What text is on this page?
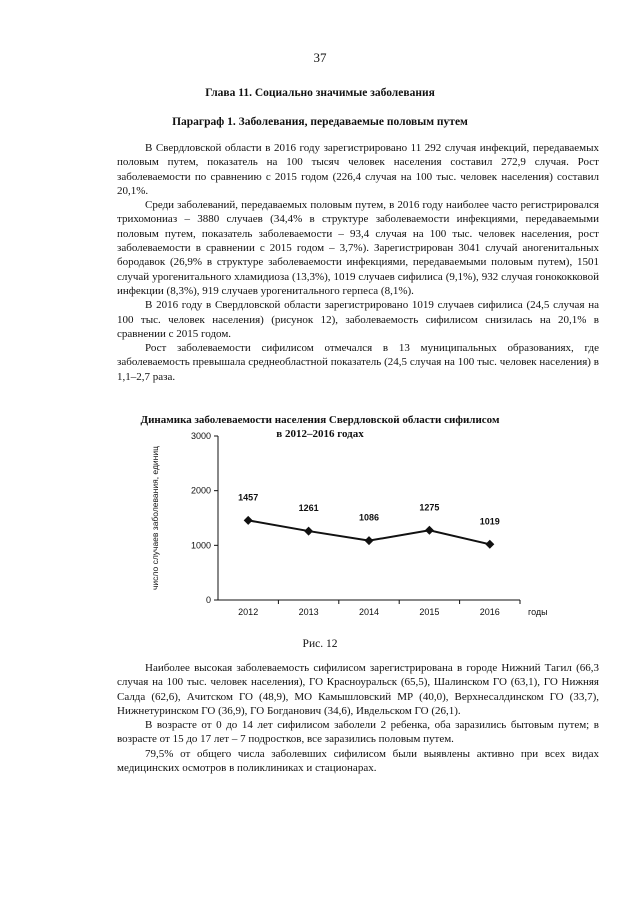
37
Глава 11. Социально значимые заболевания
Параграф 1. Заболевания, передаваемые половым путем

В Свердловской области в 2016 году зарегистрировано 11 292 случая инфекций, передаваемых половым путем, показатель на 100 тысяч человек населения составил 272,9 случая. Рост заболеваемости по сравнению с 2015 годом (226,4 случая на 100 тыс. человек населения) составил 20,1%.

Среди заболеваний, передаваемых половым путем, в 2016 году наиболее часто регистрировался трихомониаз – 3880 случаев (34,4% в структуре заболеваемости инфекциями, передаваемыми половым путем, показатель заболеваемости – 93,4 случая на 100 тыс. человек населения, рост заболеваемости в сравнении с 2015 годом – 3,7%). Зарегистрирован 3041 случай аногенитальных бородавок (26,9% в структуре заболеваемости инфекциями, передаваемыми половым путем), 1501 случай урогенитального хламидиоза (13,3%), 1019 случаев сифилиса (9,1%), 932 случая гонококковой инфекции (8,3%), 919 случаев урогенитального герпеса (8,1%).

В 2016 году в Свердловской области зарегистрировано 1019 случаев сифилиса (24,5 случая на 100 тыс. человек населения) (рисунок 12), заболеваемость сифилисом снизилась на 20,1% в сравнении с 2015 годом.

Рост заболеваемости сифилисом отмечался в 13 муниципальных образованиях, где заболеваемость превышала среднеобластной показатель (24,5 случая на 100 тыс. человек населения) в 1,1–2,7 раза.

Динамика заболеваемости населения Свердловской области сифилисом
в 2012–2016 годах
0
1000
2000
3000
2012	2013	2014	2015	2016
1457
1261
1086
1275
1019
число случаев заболевания, единиц
годы
Рис. 12

Наиболее высокая заболеваемость сифилисом зарегистрирована в городе Нижний Тагил (66,3 случая на 100 тыс. человек населения), ГО Красноуральск (65,5), Шалинском ГО (63,1), ГО Нижняя Салда (62,6), Ачитском ГО (48,9), МО Камышловский МР (40,0), Верхнесалдинском ГО (33,7), Нижнетуринском ГО (36,9), ГО Богданович (34,6), Ивдельском ГО (26,1).

В возрасте от 0 до 14 лет сифилисом заболели 2 ребенка, оба заразились бытовым путем; в возрасте от 15 до 17 лет – 7 подростков, все заразились половым путем.

79,5% от общего числа заболевших сифилисом были выявлены активно при всех видах медицинских осмотров в поликлиниках и стационарах.
